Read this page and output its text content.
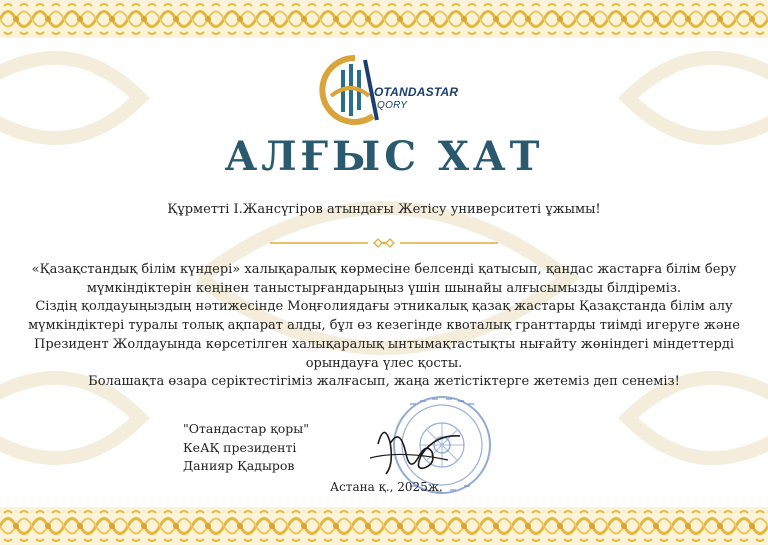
OTANDASTAR
QORY
АЛҒЫС ХАТ
Құрметті І.Жансүгіров атындағы Жетісу университеті ұжымы!

«Қазақстандық білім күндері» халықаралық көрмесіне белсенді қатысып, қандас жастарға білім беру мүмкіндіктерін кеңінен таныстырғандарыңыз үшін шынайы алғысымызды білдіреміз.

Сіздің қолдауыңыздың нәтижесінде Моңғолиядағы этникалық қазақ жастары Қазақстанда білім алу мүмкіндіктері туралы толық ақпарат алды, бұл өз кезегінде квоталық гранттарды тиімді игеруге және Президент Жолдауында көрсетілген халықаралық ынтымақтастықты нығайту жөніндегі міндеттерді орындауға үлес қосты.

Болашақта өзара серіктестігіміз жалғасып, жаңа жетістіктерге жетеміз деп сенеміз!

"Отандастар қоры"
КеАҚ президенті
Данияр Қадыров
Астана қ., 2025ж.
